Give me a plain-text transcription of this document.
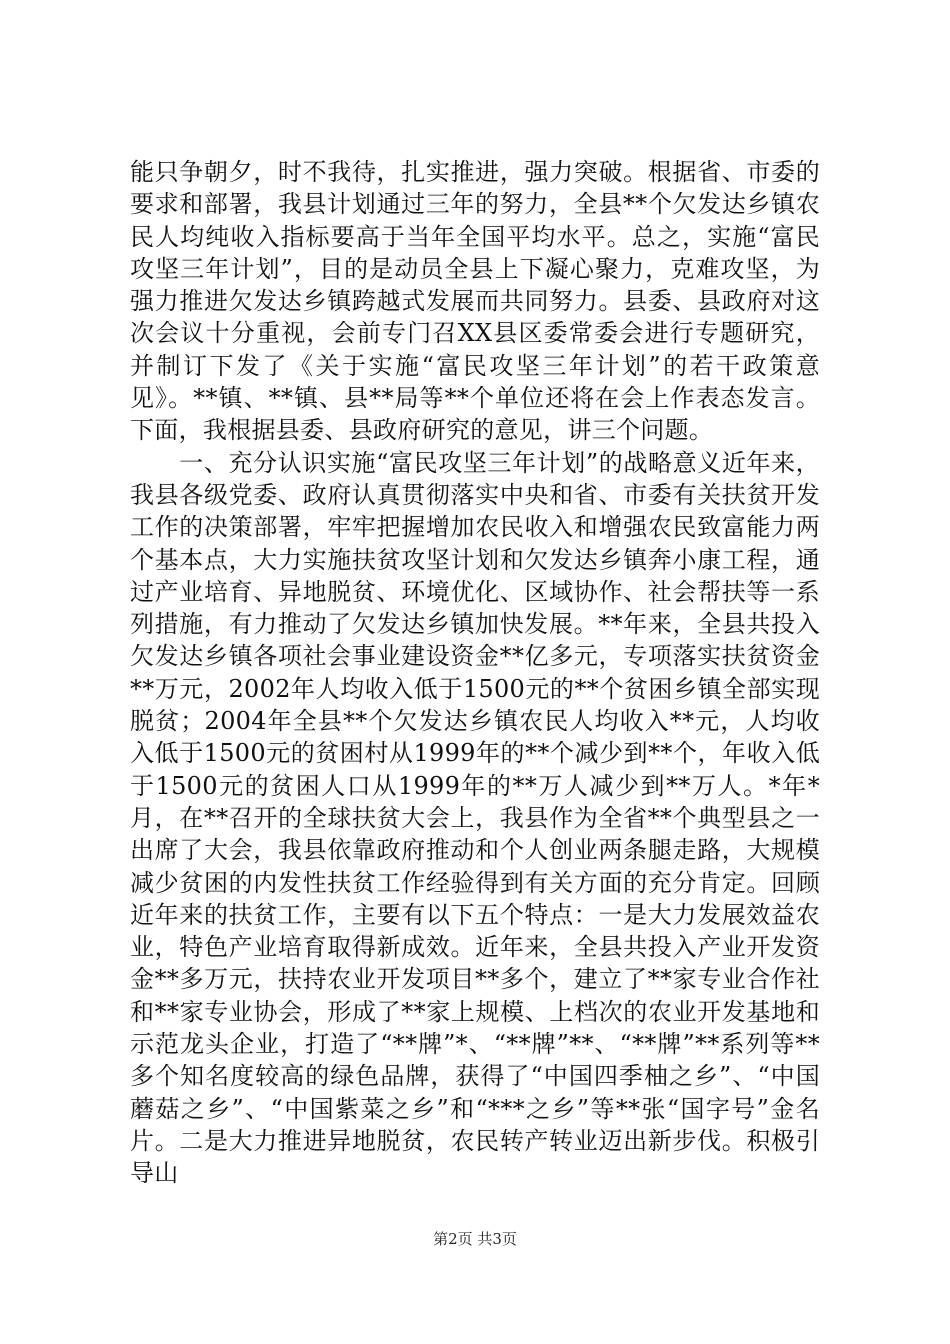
能只争朝夕，时不我待，扎实推进，强力突破。根据省、市委的要求和部署，我县计划通过三年的努力，全县**个欠发达乡镇农民人均纯收入指标要高于当年全国平均水平。总之，实施“富民攻坚三年计划”，目的是动员全县上下凝心聚力，克难攻坚，为强力推进欠发达乡镇跨越式发展而共同努力。县委、县政府对这次会议十分重视，会前专门召XX县区委常委会进行专题研究，并制订下发了《关于实施“富民攻坚三年计划”的若干政策意见》。**镇、**镇、县**局等**个单位还将在会上作表态发言。下面，我根据县委、县政府研究的意见，讲三个问题。

　　一、充分认识实施“富民攻坚三年计划”的战略意义近年来，我县各级党委、政府认真贯彻落实中央和省、市委有关扶贫开发工作的决策部署，牢牢把握增加农民收入和增强农民致富能力两个基本点，大力实施扶贫攻坚计划和欠发达乡镇奔小康工程，通过产业培育、异地脱贫、环境优化、区域协作、社会帮扶等一系列措施，有力推动了欠发达乡镇加快发展。**年来，全县共投入欠发达乡镇各项社会事业建设资金**亿多元，专项落实扶贫资金**万元，2002年人均收入低于1500元的**个贫困乡镇全部实现脱贫；2004年全县**个欠发达乡镇农民人均收入**元，人均收入低于1500元的贫困村从1999年的**个减少到**个，年收入低于1500元的贫困人口从1999年的**万人减少到**万人。*年*月，在**召开的全球扶贫大会上，我县作为全省**个典型县之一出席了大会，我县依靠政府推动和个人创业两条腿走路，大规模减少贫困的内发性扶贫工作经验得到有关方面的充分肯定。回顾近年来的扶贫工作，主要有以下五个特点：一是大力发展效益农业，特色产业培育取得新成效。近年来，全县共投入产业开发资金**多万元，扶持农业开发项目**多个，建立了**家专业合作社和**家专业协会，形成了**家上规模、上档次的农业开发基地和示范龙头企业，打造了“**牌”*、“**牌”**、“**牌”**系列等**多个知名度较高的绿色品牌，获得了“中国四季柚之乡”、“中国蘑菇之乡”、“中国紫菜之乡”和“***之乡”等**张“国字号”金名片。二是大力推进异地脱贫，农民转产转业迈出新步伐。积极引导山

第2页 共3页
